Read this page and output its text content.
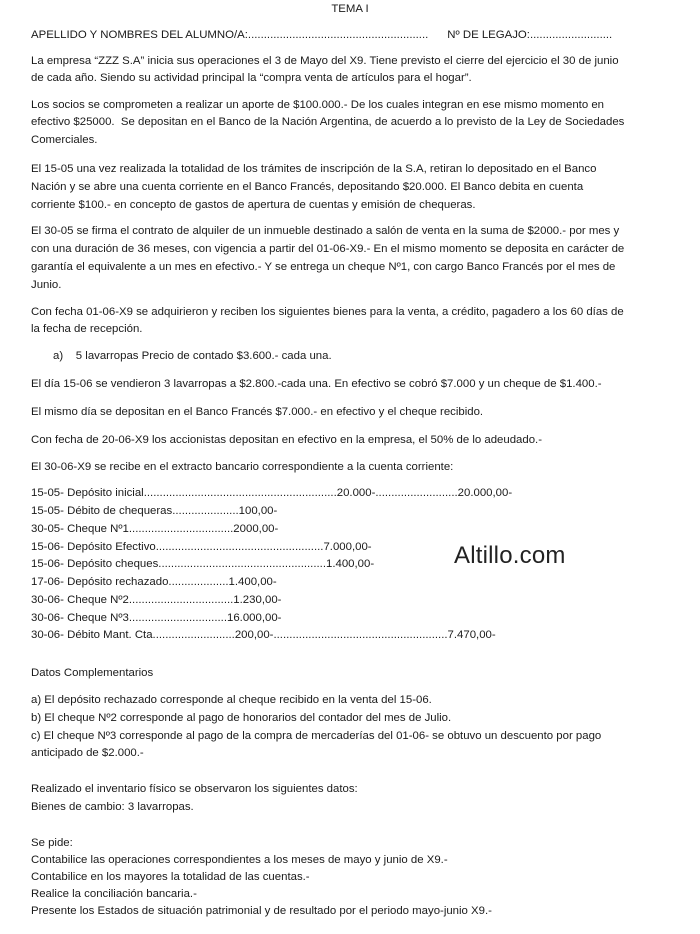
TEMA I
APELLIDO Y NOMBRES DEL ALUMNO/A:.........................................................      Nº DE LEGAJO:..........................
La empresa “ZZZ S.A” inicia sus operaciones el 3 de Mayo del X9. Tiene previsto el cierre del ejercicio el 30 de junio
de cada año. Siendo su actividad principal la “compra venta de artículos para el hogar”.
Los socios se comprometen a realizar un aporte de $100.000.- De los cuales integran en ese mismo momento en
efectivo $25000.  Se depositan en el Banco de la Nación Argentina, de acuerdo a lo previsto de la Ley de Sociedades
Comerciales.
El 15-05 una vez realizada la totalidad de los trámites de inscripción de la S.A, retiran lo depositado en el Banco
Nación y se abre una cuenta corriente en el Banco Francés, depositando $20.000. El Banco debita en cuenta
corriente $100.- en concepto de gastos de apertura de cuentas y emisión de chequeras.
El 30-05 se firma el contrato de alquiler de un inmueble destinado a salón de venta en la suma de $2000.- por mes y
con una duración de 36 meses, con vigencia a partir del 01-06-X9.- En el mismo momento se deposita en carácter de
garantía el equivalente a un mes en efectivo.- Y se entrega un cheque Nº1, con cargo Banco Francés por el mes de
Junio.
Con fecha 01-06-X9 se adquirieron y reciben los siguientes bienes para la venta, a crédito, pagadero a los 60 días de
la fecha de recepción.
a)    5 lavarropas Precio de contado $3.600.- cada una.
El día 15-06 se vendieron 3 lavarropas a $2.800.-cada una. En efectivo se cobró $7.000 y un cheque de $1.400.-
El mismo día se depositan en el Banco Francés $7.000.- en efectivo y el cheque recibido.
Con fecha de 20-06-X9 los accionistas depositan en efectivo en la empresa, el 50% de lo adeudado.-
El 30-06-X9 se recibe en el extracto bancario correspondiente a la cuenta corriente:
15-05- Depósito inicial.............................................................20.000-..........................20.000,00-
15-05- Débito de chequeras.....................100,00-
30-05- Cheque Nº1.................................2000,00-
15-06- Depósito Efectivo.....................................................7.000,00-
15-06- Depósito cheques.....................................................1.400,00-
17-06- Depósito rechazado...................1.400,00-
30-06- Cheque Nº2.................................1.230,00-
30-06- Cheque Nº3...............................16.000,00-
30-06- Débito Mant. Cta..........................200,00-.......................................................7.470,00-
Altillo.com
Datos Complementarios
a) El depósito rechazado corresponde al cheque recibido en la venta del 15-06.
b) El cheque Nº2 corresponde al pago de honorarios del contador del mes de Julio.
c) El cheque Nº3 corresponde al pago de la compra de mercaderías del 01-06- se obtuvo un descuento por pago
anticipado de $2.000.-
Realizado el inventario físico se observaron los siguientes datos:
Bienes de cambio: 3 lavarropas.
Se pide:
Contabilice las operaciones correspondientes a los meses de mayo y junio de X9.-
Contabilice en los mayores la totalidad de las cuentas.-
Realice la conciliación bancaria.-
Presente los Estados de situación patrimonial y de resultado por el periodo mayo-junio X9.-
